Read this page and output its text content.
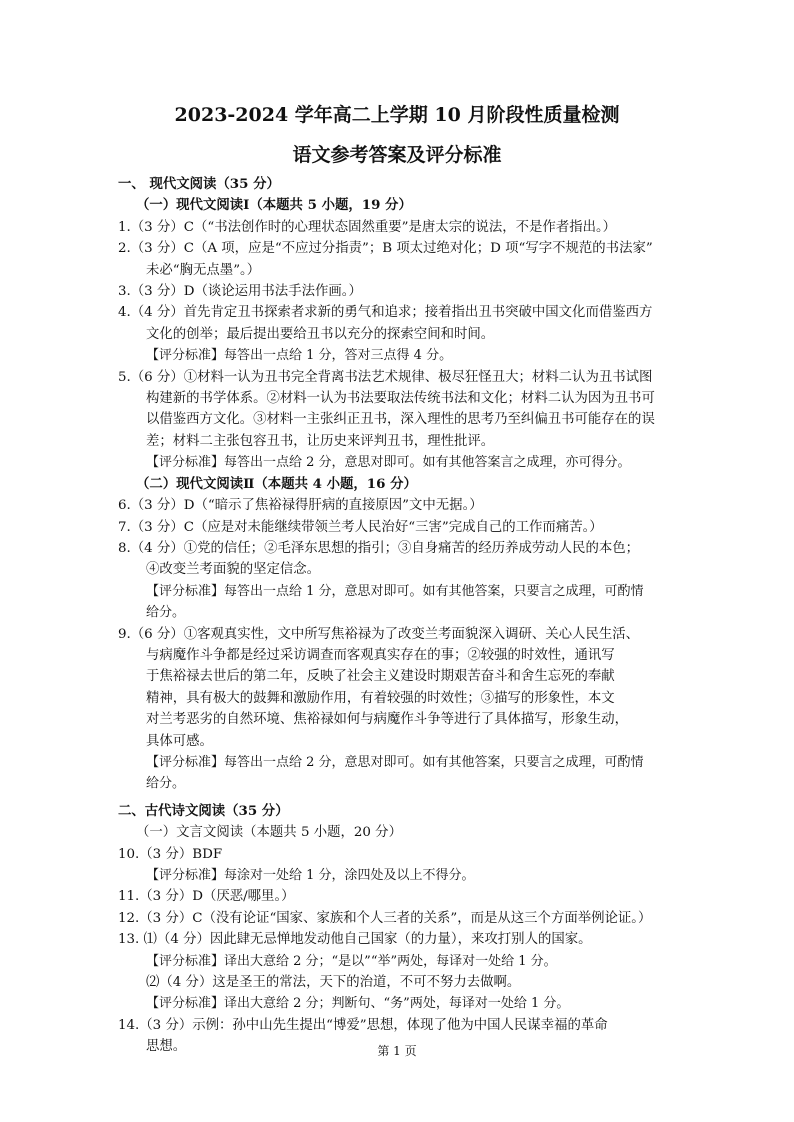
2023-2024 学年高二上学期 10 月阶段性质量检测
语文参考答案及评分标准
一、 现代文阅读（35 分）
（一）现代文阅读Ⅰ（本题共 5 小题，19 分）
1.（3 分）C（“书法创作时的心理状态固然重要”是唐太宗的说法，不是作者指出。）
2.（3 分）C（A 项，应是“不应过分指责”；B 项太过绝对化；D 项“写字不规范的书法家”
未必“胸无点墨”。）
3.（3 分）D（谈论运用书法手法作画。）
4.（4 分）首先肯定丑书探索者求新的勇气和追求；接着指出丑书突破中国文化而借鉴西方
文化的创举；最后提出要给丑书以充分的探索空间和时间。
【评分标准】每答出一点给 1 分，答对三点得 4 分。
5.（6 分）①材料一认为丑书完全背离书法艺术规律、极尽狂怪丑大；材料二认为丑书试图
构建新的书学体系。②材料一认为书法要取法传统书法和文化；材料二认为因为丑书可
以借鉴西方文化。③材料一主张纠正丑书，深入理性的思考乃至纠偏丑书可能存在的误
差；材料二主张包容丑书，让历史来评判丑书，理性批评。
【评分标准】每答出一点给 2 分，意思对即可。如有其他答案言之成理，亦可得分。
（二）现代文阅读Ⅱ（本题共 4 小题，16 分）
6.（3 分）D（“暗示了焦裕禄得肝病的直接原因”文中无据。）
7.（3 分）C（应是对未能继续带领兰考人民治好“三害”完成自己的工作而痛苦。）
8.（4 分）①党的信任；②毛泽东思想的指引；③自身痛苦的经历养成劳动人民的本色；
④改变兰考面貌的坚定信念。
【评分标准】每答出一点给 1 分，意思对即可。如有其他答案，只要言之成理，可酌情
给分。
9.（6 分）①客观真实性，文中所写焦裕禄为了改变兰考面貌深入调研、关心人民生活、
与病魔作斗争都是经过采访调查而客观真实存在的事；②较强的时效性，通讯写
于焦裕禄去世后的第二年，反映了社会主义建设时期艰苦奋斗和舍生忘死的奉献
精神，具有极大的鼓舞和激励作用，有着较强的时效性；③描写的形象性，本文
对兰考恶劣的自然环境、焦裕禄如何与病魔作斗争等进行了具体描写，形象生动，
具体可感。
【评分标准】每答出一点给 2 分，意思对即可。如有其他答案，只要言之成理，可酌情
给分。
二、古代诗文阅读（35 分）
（一）文言文阅读（本题共 5 小题，20 分）
10.（3 分）BDF
【评分标准】每涂对一处给 1 分，涂四处及以上不得分。
11.（3 分）D（厌恶/哪里。）
12.（3 分）C（没有论证“国家、家族和个人三者的关系”，而是从这三个方面举例论证。）
13. ⑴（4 分）因此肆无忌惮地发动他自己国家（的力量），来攻打别人的国家。
【评分标准】译出大意给 2 分；“是以”“举”两处，每译对一处给 1 分。
⑵（4 分）这是圣王的常法，天下的治道，不可不努力去做啊。
【评分标准】译出大意给 2 分；判断句、“务”两处，每译对一处给 1 分。
14.（3 分）示例：孙中山先生提出“博爱”思想，体现了他为中国人民谋幸福的革命
思想。	第 1 页
